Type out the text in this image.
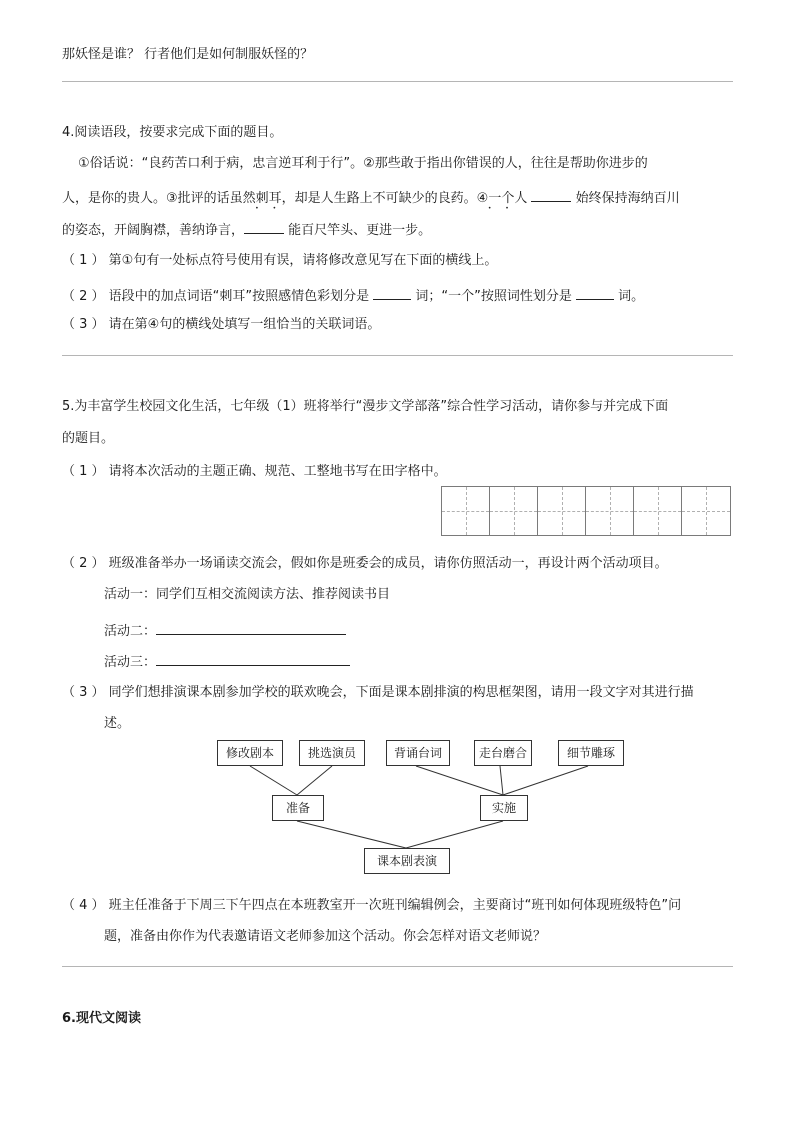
那妖怪是谁？ 行者他们是如何制服妖怪的？
4.阅读语段，按要求完成下面的题目。
①俗话说：“良药苦口利于病，忠言逆耳利于行”。②那些敢于指出你错误的人，往往是帮助你进步的
人，是你的贵人。③批评的话虽然刺耳 • •，却是人生路上不可缺少的良药。④一个 • •人	始终保持海纳百川
的姿态，开阔胸襟，善纳诤言，	能百尺竿头、更进一步。
（ 1 ） 第①句有一处标点符号使用有误，请将修改意见写在下面的横线上。
（ 2 ） 语段中的加点词语“刺耳”按照感情色彩划分是	词；“一个”按照词性划分是	词。
（ 3 ） 请在第④句的横线处填写一组恰当的关联词语。
5.为丰富学生校园文化生活，七年级（1）班将举行“漫步文学部落”综合性学习活动，请你参与并完成下面
的题目。
（ 1 ） 请将本次活动的主题正确、规范、工整地书写在田字格中。
（ 2 ） 班级准备举办一场诵读交流会，假如你是班委会的成员，请你仿照活动一，再设计两个活动项目。
活动一：同学们互相交流阅读方法、推荐阅读书目
活动二：
活动三：
（ 3 ） 同学们想排演课本剧参加学校的联欢晚会，下面是课本剧排演的构思框架图，请用一段文字对其进行描
述。
修改剧本	挑选演员	背诵台词	走台磨合	细节雕琢
准备	实施
课本剧表演
（ 4 ） 班主任准备于下周三下午四点在本班教室开一次班刊编辑例会，主要商讨“班刊如何体现班级特色”问
题，准备由你作为代表邀请语文老师参加这个活动。你会怎样对语文老师说？
6.现代文阅读
